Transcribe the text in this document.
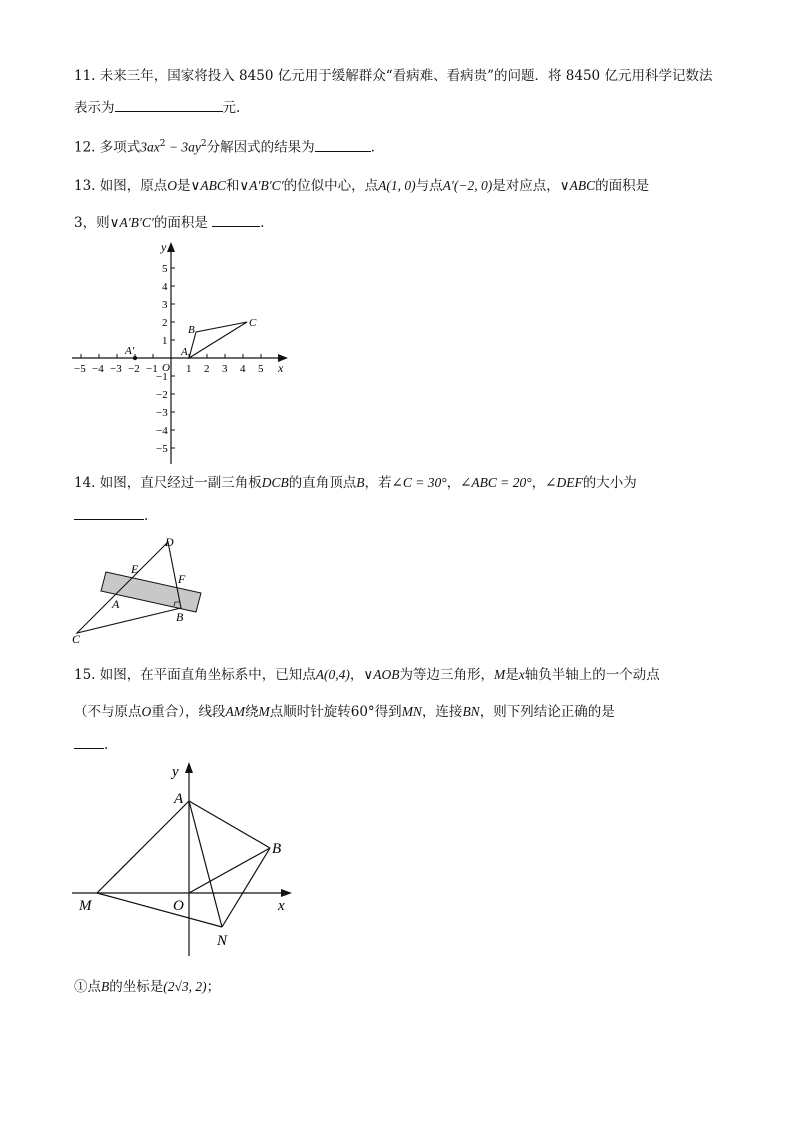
11. 未来三年，国家将投入 8450 亿元用于缓解群众“看病难、看病贵”的问题．将 8450 亿元用科学记数法
表示为	元.
12. 多项式$3ax^2 - 3ay^2$分解因式的结果为	.
13. 如图，原点O是∨ABC和∨A′B′C′的位似中心，点A(1, 0)与点A′(−2, 0)是对应点，∨ABC的面积是
3，则∨A′B′C′的面积是	.
x
y
O
A
B
C
A′
−5 −4 −3 −2 −1	1 2 3 4 5
5
4
3
2
1
−1
−2
−3
−4
−5
14. 如图，直尺经过一副三角板DCB的直角顶点B，若∠C = 30°，∠ABC = 20°，∠DEF的大小为
.
D
E
F
A
B
C
15. 如图，在平面直角坐标系中，已知点A(0,4)，∨AOB为等边三角形，M是x轴负半轴上的一个动点
（不与原点O重合），线段AM绕M点顺时针旋转60°得到MN，连接BN，则下列结论正确的是
.
y
x
A
B
M	O
N
①点B的坐标是(2√3, 2)；
